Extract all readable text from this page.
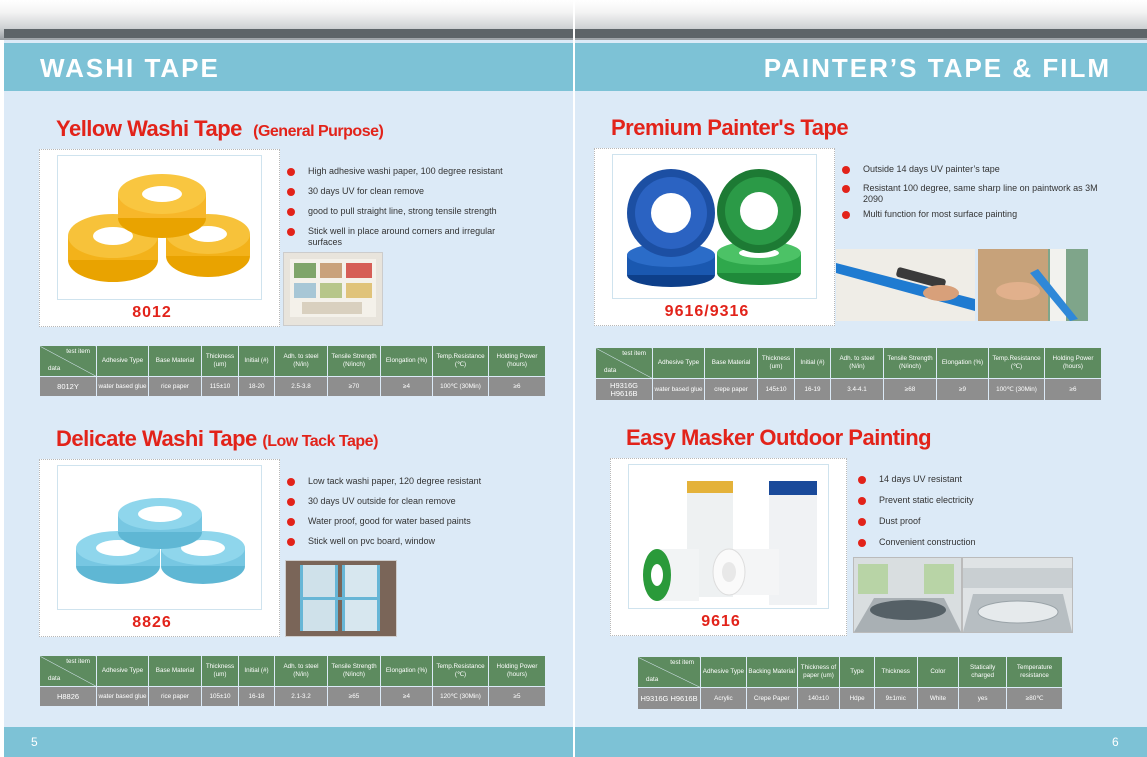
WASHI TAPE	PAINTER’S TAPE & FILM
5	6
Yellow Washi Tape (General Purpose)
8012
High adhesive washi paper, 100 degree resistant
30 days UV for clean remove
good to pull straight line, strong tensile strength
Stick well in place around corners and irregular surfaces
test item
data	Adhesive Type	Base Material	Thickness (um)	Initial (#)	Adh. to steel (N/in)	Tensile Strength (N/inch)	Elongation (%)	Temp.Resistance (℃)	Holding Power (hours)
8012Y	water based glue	rice paper	115±10	18-20	2.5-3.8	≥70	≥4	100℃ (30Min)	≥6
Delicate Washi Tape (Low Tack Tape)
8826
Low tack washi paper, 120 degree resistant
30 days UV outside for clean remove
Water proof, good for water based paints
Stick well on pvc board, window
test item
data	Adhesive Type	Base Material	Thickness (um)	Initial (#)	Adh. to steel (N/in)	Tensile Strength (N/inch)	Elongation (%)	Temp.Resistance (℃)	Holding Power (hours)
H8826	water based glue	rice paper	105±10	16-18	2.1-3.2	≥65	≥4	120℃ (30Min)	≥5
Premium Painter's Tape
9616/9316
Outside 14 days UV painter’s tape
Resistant 100 degree, same sharp line on paintwork as 3M 2090
Multi function for most surface painting
test item
data	Adhesive Type	Base Material	Thickness (um)	Initial (#)	Adh. to steel (N/in)	Tensile Strength (N/inch)	Elongation (%)	Temp.Resistance (℃)	Holding Power (hours)
H9316G H9616B	water based glue	crepe paper	145±10	16-19	3.4-4.1	≥68	≥9	100℃ (30Min)	≥6
Easy Masker Outdoor Painting
9616
14 days UV resistant
Prevent static electricity
Dust proof
Convenient construction
test item
data	Adhesive Type	Backing Material	Thickness of paper (um)	Type	Thickness	Color	Statically charged	Temperature resistance
H9316G H9616B	Acrylic	Crepe Paper	140±10	Hdpe	9±1mic	White	yes	≥80℃
